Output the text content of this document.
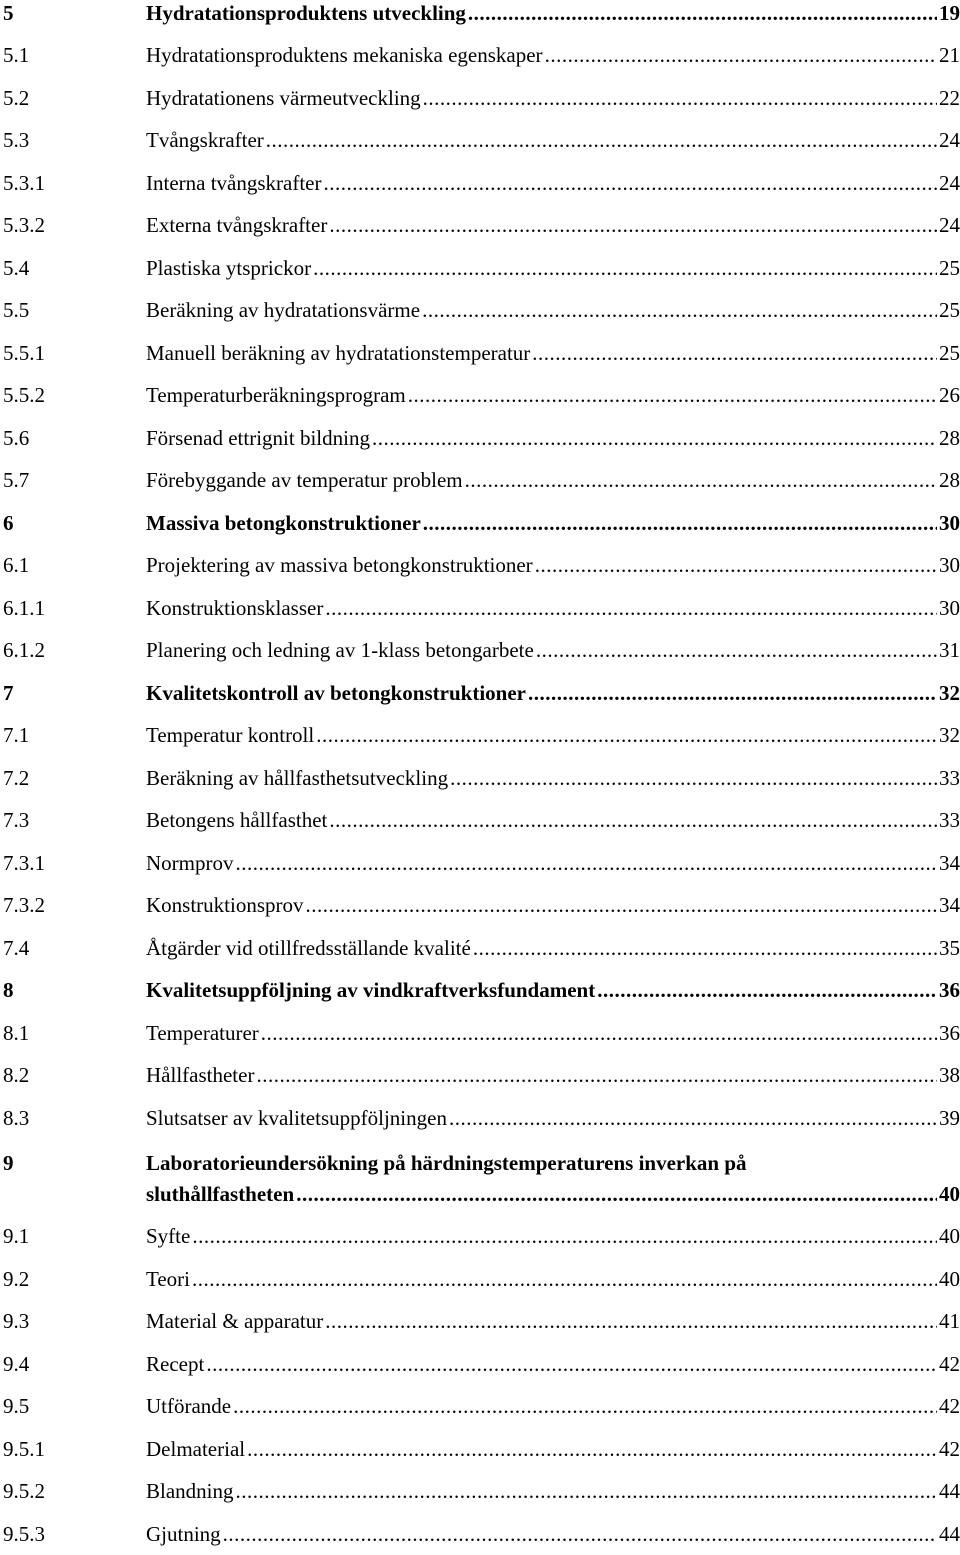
5	Hydratationsproduktens utveckling .....	19
5.1	Hydratationsproduktens mekaniska egenskaper .....	21
5.2	Hydratationens värmeutveckling .....	22
5.3	Tvångskrafter .....	24
5.3.1	Interna tvångskrafter .....	24
5.3.2	Externa tvångskrafter .....	24
5.4	Plastiska ytsprickor .....	25
5.5	Beräkning av hydratationsvärme .....	25
5.5.1	Manuell beräkning av hydratationstemperatur .....	25
5.5.2	Temperaturberäkningsprogram .....	26
5.6	Försenad ettrignit bildning .....	28
5.7	Förebyggande av temperatur problem .....	28
6	Massiva betongkonstruktioner .....	30
6.1	Projektering av massiva betongkonstruktioner .....	30
6.1.1	Konstruktionsklasser .....	30
6.1.2	Planering och ledning av 1-klass betongarbete .....	31
7	Kvalitetskontroll av betongkonstruktioner .....	32
7.1	Temperatur kontroll .....	32
7.2	Beräkning av hållfasthetsutveckling .....	33
7.3	Betongens hållfasthet .....	33
7.3.1	Normprov .....	34
7.3.2	Konstruktionsprov .....	34
7.4	Åtgärder vid otillfredsställande kvalité .....	35
8	Kvalitetsuppföljning av vindkraftverksfundament .....	36
8.1	Temperaturer .....	36
8.2	Hållfastheter .....	38
8.3	Slutsatser av kvalitetsuppföljningen .....	39
9	Laboratorieundersökning på härdningstemperaturens inverkan på
sluthållfastheten .....	40
9.1	Syfte .....	40
9.2	Teori .....	40
9.3	Material & apparatur .....	41
9.4	Recept .....	42
9.5	Utförande .....	42
9.5.1	Delmaterial .....	42
9.5.2	Blandning .....	44
9.5.3	Gjutning .....	44
